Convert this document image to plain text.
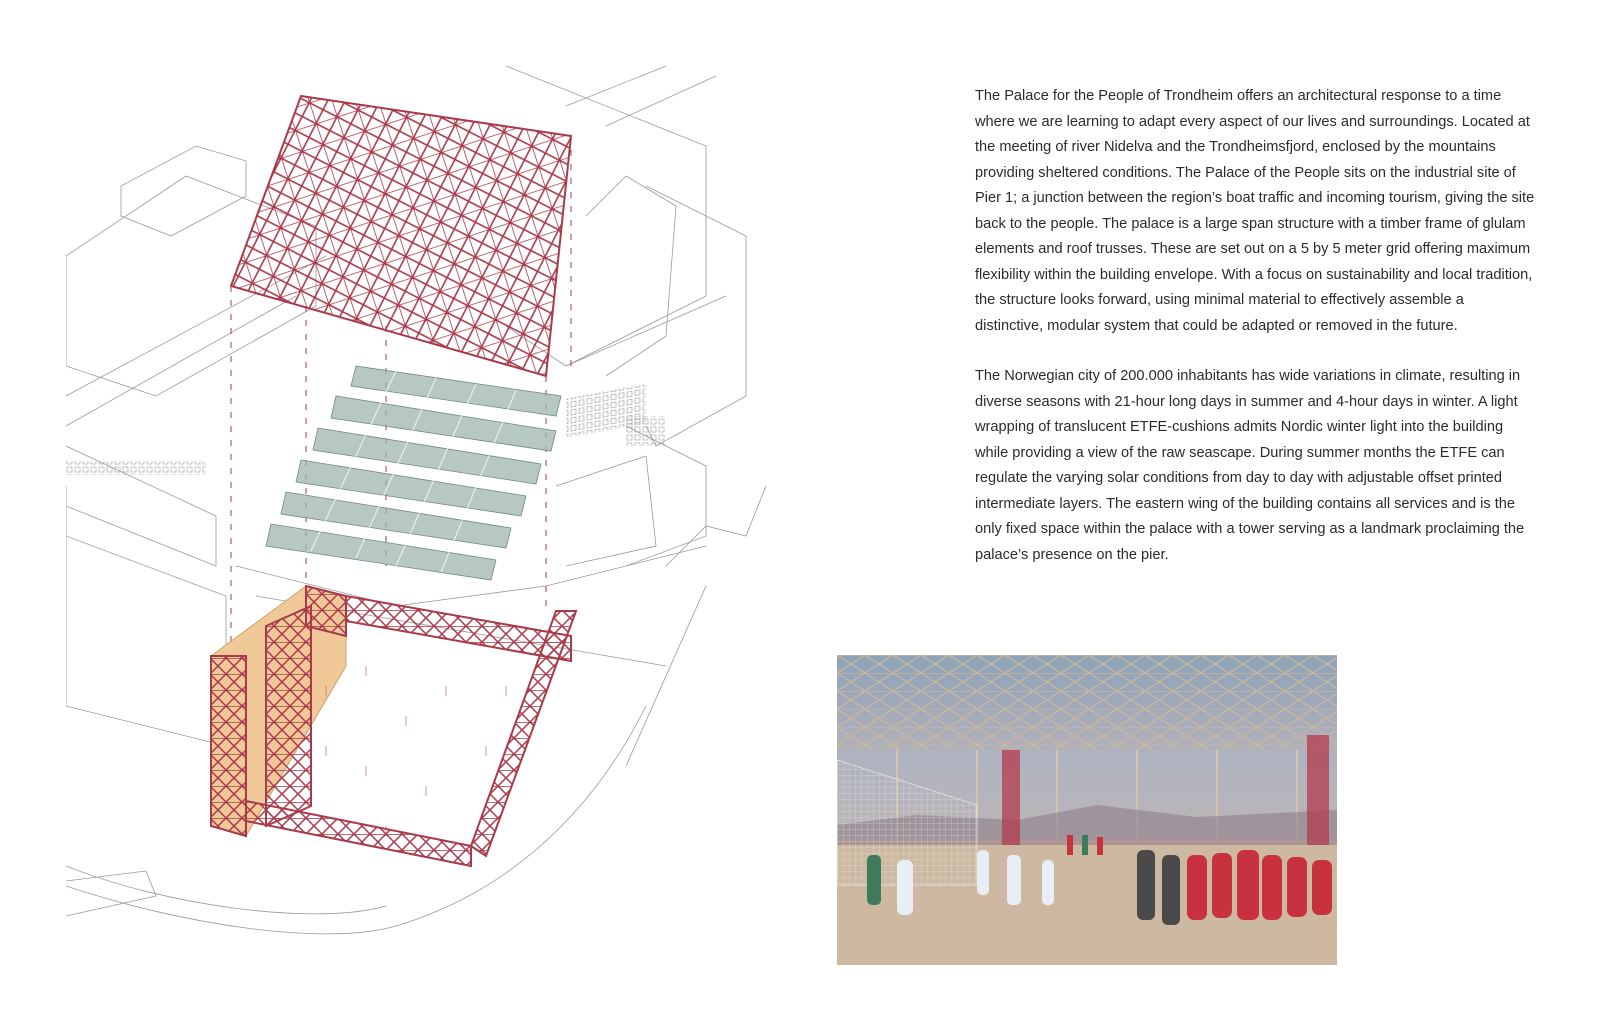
The Palace for the People of Trondheim offers an architectural response to a time where we are learning to adapt every aspect of our lives and surroundings. Located at the meeting of river Nidelva and the Trondheimsfjord, enclosed by the mountains providing sheltered conditions. The Palace of the People sits on the industrial site of Pier 1; a junction between the region’s boat traffic and incoming tourism, giving the site back to the people. The palace is a large span structure with a timber frame of glulam elements and roof trusses. These are set out on a 5 by 5 meter grid offering maximum flexibility within the building envelope. With a focus on sustainability and local tradition, the structure looks forward, using minimal material to effectively assemble a distinctive, modular system that could be adapted or removed in the future.

The Norwegian city of 200.000 inhabitants has wide variations in climate, resulting in diverse seasons with 21-hour long days in summer and 4-hour days in winter. A light wrapping of translucent ETFE-cushions admits Nordic winter light into the building while providing a view of the raw seascape. During summer months the ETFE can regulate the varying solar conditions from day to day with adjustable offset printed intermediate layers. The eastern wing of the building contains all services and is the only fixed space within the palace with a tower serving as a landmark proclaiming the palace’s presence on the pier.
